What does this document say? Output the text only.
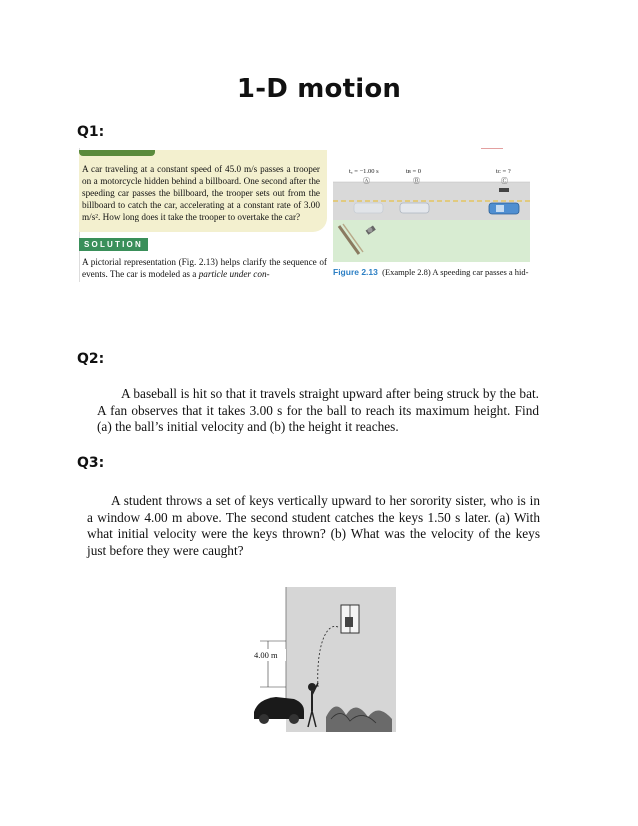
1-D motion
Q1:
A car traveling at a constant speed of 45.0 m/s passes a trooper on a motorcycle hidden behind a billboard. One second after the speeding car passes the billboard, the trooper sets out from the billboard to catch the car, accelerating at a constant rate of 3.00 m/s². How long does it take the trooper to overtake the car?
SOLUTION
A pictorial representation (Fig. 2.13) helps clarify the sequence of events. The car is modeled as a particle under con-
tₐ = −1.00 s	tʙ = 0	tᴄ = ?
Ⓐ	Ⓑ	Ⓒ
Figure 2.13 (Example 2.8) A speeding car passes a hid-
Q2:
A baseball is hit so that it travels straight upward after being struck by the bat. A fan observes that it takes 3.00 s for the ball to reach its maximum height. Find (a) the ball’s initial velocity and (b) the height it reaches.
Q3:
A student throws a set of keys vertically upward to her sorority sister, who is in a window 4.00 m above. The second student catches the keys 1.50 s later. (a) With what initial velocity were the keys thrown? (b) What was the velocity of the keys just before they were caught?
4.00 m
